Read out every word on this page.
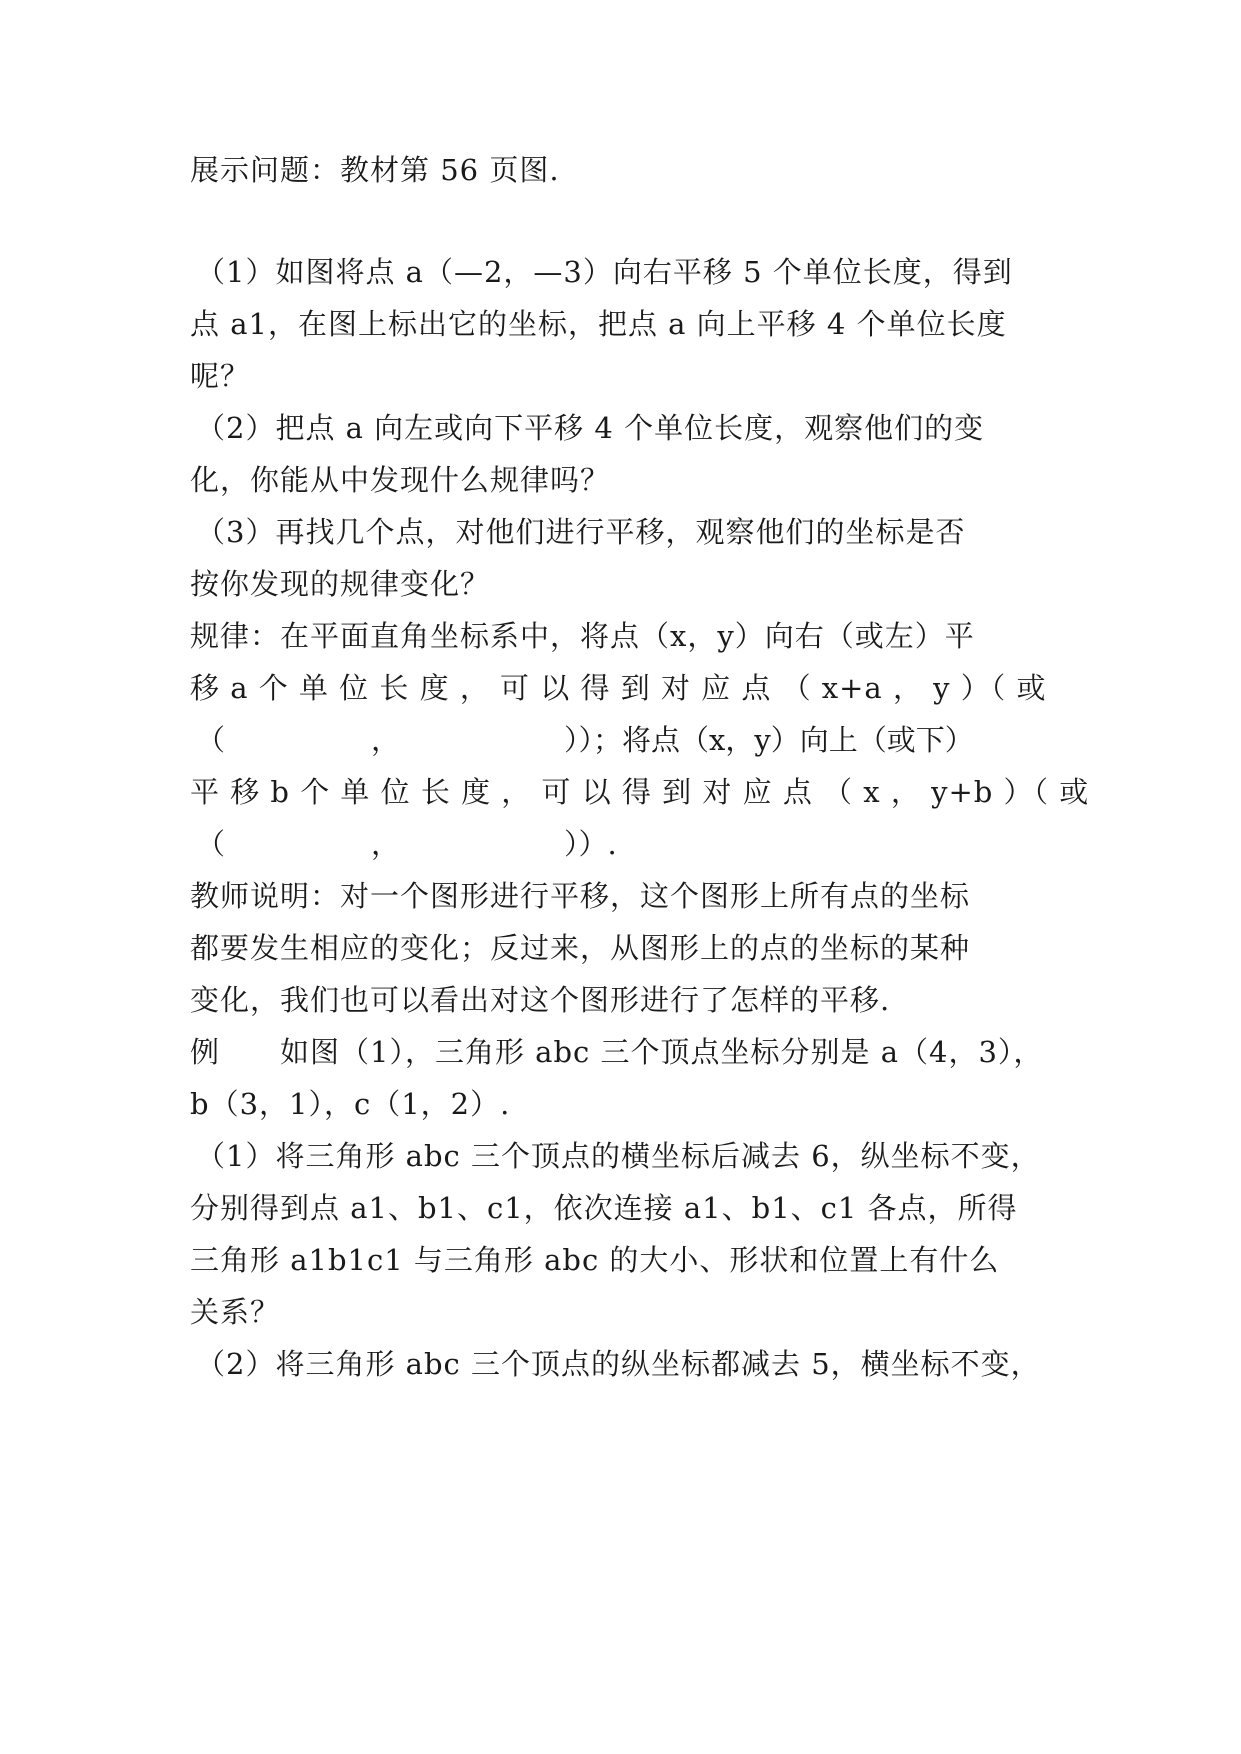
展示问题：教材第 56 页图.
（1）如图将点 a（—2，—3）向右平移 5 个单位长度，得到
点 a1，在图上标出它的坐标，把点 a 向上平移 4 个单位长度
呢？
（2）把点 a 向左或向下平移 4 个单位长度，观察他们的变
化，你能从中发现什么规律吗？
（3）再找几个点，对他们进行平移，观察他们的坐标是否
按你发现的规律变化？
规律：在平面直角坐标系中，将点（x，y）向右（或左）平
移 a 个 单 位 长 度 ， 可 以 得 到 对 应 点 （ x+a ， y ）（ 或
（	，	））；将点（x，y）向上（或下）
平 移 b 个 单 位 长 度 ， 可 以 得 到 对 应 点 （ x ， y+b ）（ 或
（	，	））.
教师说明：对一个图形进行平移，这个图形上所有点的坐标
都要发生相应的变化；反过来，从图形上的点的坐标的某种
变化，我们也可以看出对这个图形进行了怎样的平移.
例　　如图（1），三角形 abc 三个顶点坐标分别是 a（4，3），
b（3，1），c（1，2）.
（1）将三角形 abc 三个顶点的横坐标后减去 6，纵坐标不变，
分别得到点 a1、b1、c1，依次连接 a1、b1、c1 各点，所得
三角形 a1b1c1 与三角形 abc 的大小、形状和位置上有什么
关系？
（2）将三角形 abc 三个顶点的纵坐标都减去 5，横坐标不变，
